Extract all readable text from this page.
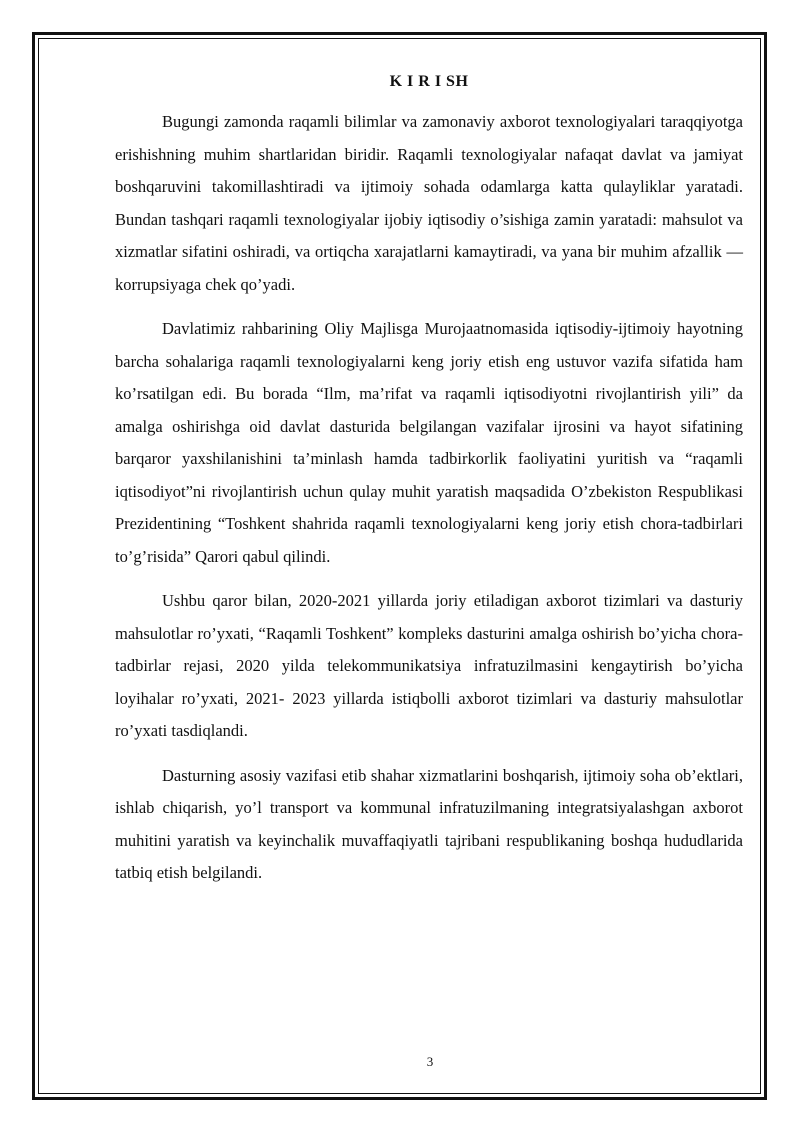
K I R I SH

Bugungi zamonda raqamli bilimlar va zamonaviy axborot texnologiyalari taraqqiyotga erishishning muhim shartlaridan biridir. Raqamli texnologiyalar nafaqat davlat va jamiyat boshqaruvini takomillashtiradi va ijtimoiy sohada odamlarga katta qulayliklar yaratadi. Bundan tashqari raqamli texnologiyalar ijobiy iqtisodiy o’sishiga zamin yaratadi: mahsulot va xizmatlar sifatini oshiradi, va ortiqcha xarajatlarni kamaytiradi, va yana bir muhim afzallik — korrupsiyaga chek qo’yadi.

Davlatimiz rahbarining Oliy Majlisga Murojaatnomasida iqtisodiy-ijtimoiy hayotning barcha sohalariga raqamli texnologiyalarni keng joriy etish eng ustuvor vazifa sifatida ham ko’rsatilgan edi. Bu borada “Ilm, ma’rifat va raqamli iqtisodiyotni rivojlantirish yili” da amalga oshirishga oid davlat dasturida belgilangan vazifalar ijrosini va hayot sifatining barqaror yaxshilanishini ta’minlash hamda tadbirkorlik faoliyatini yuritish va “raqamli iqtisodiyot”ni rivojlantirish uchun qulay muhit yaratish maqsadida O’zbekiston Respublikasi Prezidentining “Toshkent shahrida raqamli texnologiyalarni keng joriy etish chora-tadbirlari to’g’risida” Qarori qabul qilindi.

Ushbu qaror bilan, 2020-2021 yillarda joriy etiladigan axborot tizimlari va dasturiy mahsulotlar ro’yxati, “Raqamli Toshkent” kompleks dasturini amalga oshirish bo’yicha chora-tadbirlar rejasi, 2020 yilda telekommunikatsiya infratuzilmasini kengaytirish bo’yicha loyihalar ro’yxati, 2021- 2023 yillarda istiqbolli axborot tizimlari va dasturiy mahsulotlar ro’yxati tasdiqlandi.

Dasturning asosiy vazifasi etib shahar xizmatlarini boshqarish, ijtimoiy soha ob’ektlari, ishlab chiqarish, yo’l transport va kommunal infratuzilmaning integratsiyalashgan axborot muhitini yaratish va keyinchalik muvaffaqiyatli tajribani respublikaning boshqa hududlarida tatbiq etish belgilandi.

3
